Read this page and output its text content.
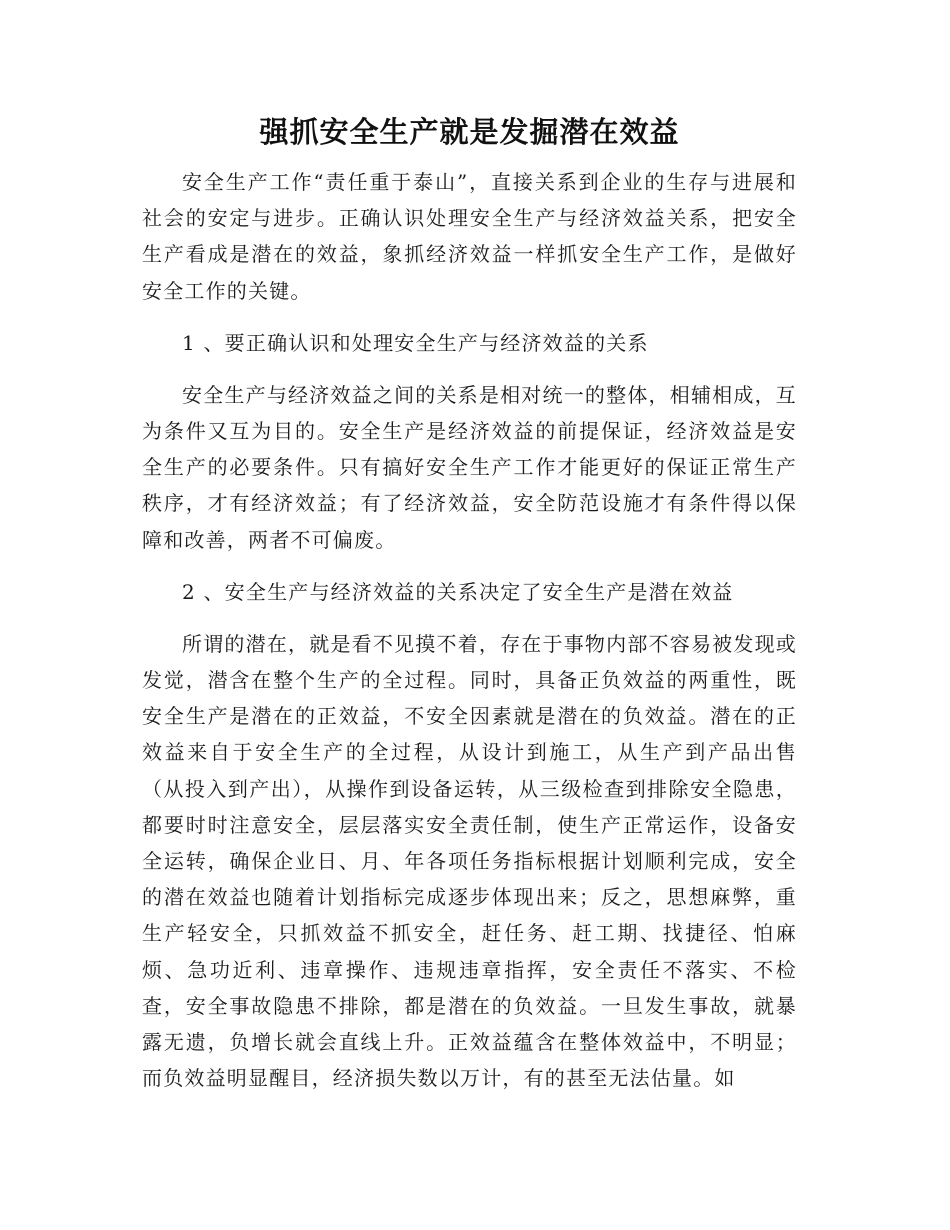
强抓安全生产就是发掘潜在效益

安全生产工作“责任重于泰山”，直接关系到企业的生存与进展和社会的安定与进步。正确认识处理安全生产与经济效益关系，把安全生产看成是潜在的效益，象抓经济效益一样抓安全生产工作，是做好安全工作的关键。

1 、要正确认识和处理安全生产与经济效益的关系

安全生产与经济效益之间的关系是相对统一的整体，相辅相成，互为条件又互为目的。安全生产是经济效益的前提保证，经济效益是安全生产的必要条件。只有搞好安全生产工作才能更好的保证正常生产秩序，才有经济效益；有了经济效益，安全防范设施才有条件得以保障和改善，两者不可偏废。

2 、安全生产与经济效益的关系决定了安全生产是潜在效益

所谓的潜在，就是看不见摸不着，存在于事物内部不容易被发现或发觉，潜含在整个生产的全过程。同时，具备正负效益的两重性，既安全生产是潜在的正效益，不安全因素就是潜在的负效益。潜在的正效益来自于安全生产的全过程，从设计到施工，从生产到产品出售（从投入到产出），从操作到设备运转，从三级检查到排除安全隐患，都要时时注意安全，层层落实安全责任制，使生产正常运作，设备安全运转，确保企业日、月、年各项任务指标根据计划顺利完成，安全的潜在效益也随着计划指标完成逐步体现出来；反之，思想麻弊，重生产轻安全，只抓效益不抓安全，赶任务、赶工期、找捷径、怕麻烦、急功近利、违章操作、违规违章指挥，安全责任不落实、不检查，安全事故隐患不排除，都是潜在的负效益。一旦发生事故，就暴露无遗，负增长就会直线上升。正效益蕴含在整体效益中，不明显；而负效益明显醒目，经济损失数以万计，有的甚至无法估量。如
